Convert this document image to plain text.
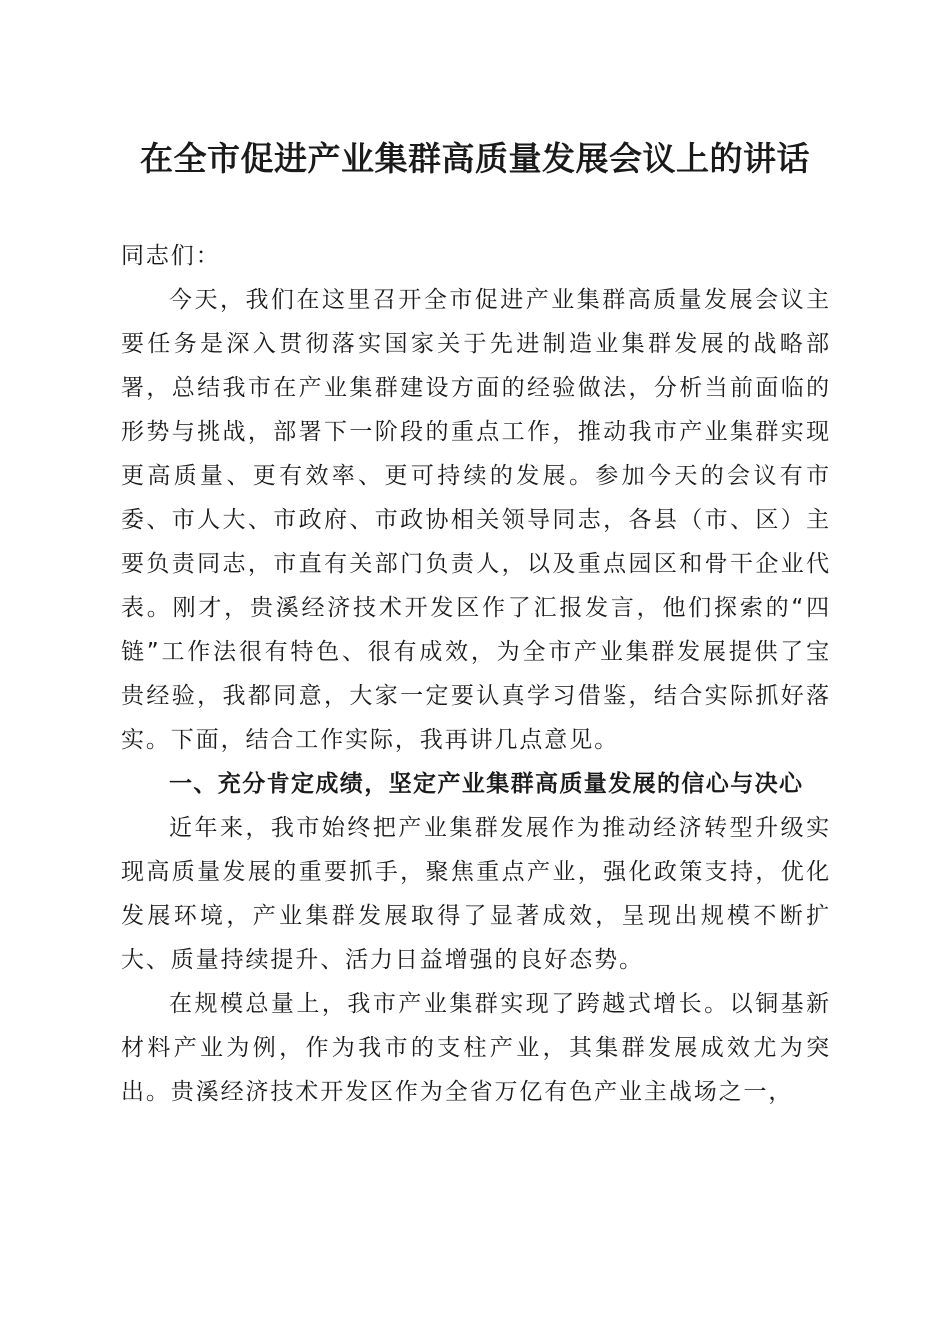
在全市促进产业集群高质量发展会议上的讲话

同志们：

今天，我们在这里召开全市促进产业集群高质量发展会议主要任务是深入贯彻落实国家关于先进制造业集群发展的战略部署，总结我市在产业集群建设方面的经验做法，分析当前面临的形势与挑战，部署下一阶段的重点工作，推动我市产业集群实现更高质量、更有效率、更可持续的发展。参加今天的会议有市委、市人大、市政府、市政协相关领导同志，各县（市、区）主要负责同志，市直有关部门负责人，以及重点园区和骨干企业代表。刚才，贵溪经济技术开发区作了汇报发言，他们探索的“四链”工作法很有特色、很有成效，为全市产业集群发展提供了宝贵经验，我都同意，大家一定要认真学习借鉴，结合实际抓好落实。下面，结合工作实际，我再讲几点意见。

一、充分肯定成绩，坚定产业集群高质量发展的信心与决心

近年来，我市始终把产业集群发展作为推动经济转型升级实现高质量发展的重要抓手，聚焦重点产业，强化政策支持，优化发展环境，产业集群发展取得了显著成效，呈现出规模不断扩大、质量持续提升、活力日益增强的良好态势。

在规模总量上，我市产业集群实现了跨越式增长。以铜基新材料产业为例，作为我市的支柱产业，其集群发展成效尤为突出。贵溪经济技术开发区作为全省万亿有色产业主战场之一，
